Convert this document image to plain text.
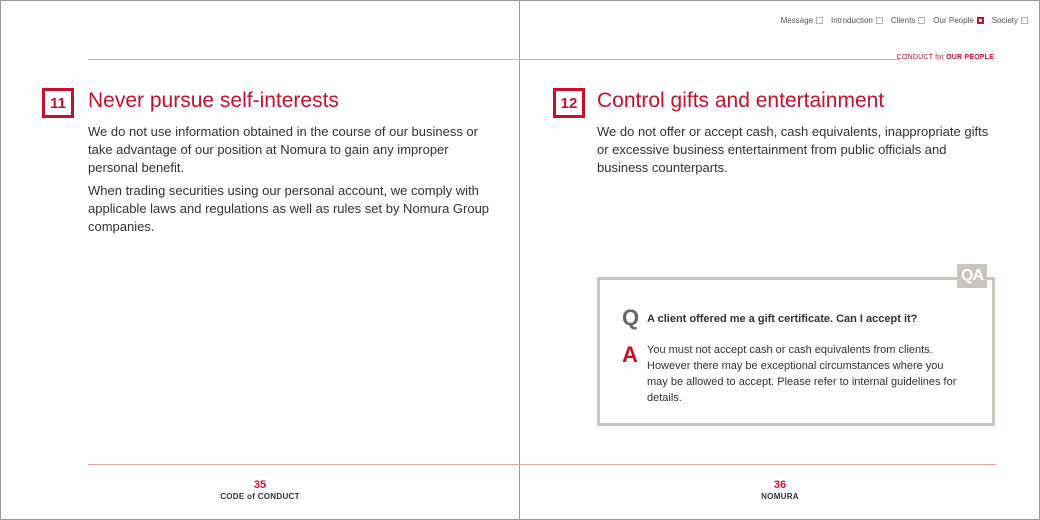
Message Introduction Clients Our People Society
CONDUCT for OUR PEOPLE
11	Never pursue self-interests
We do not use information obtained in the course of our business or take advantage of our position at Nomura to gain any improper personal benefit.
When trading securities using our personal account, we comply with applicable laws and regulations as well as rules set by Nomura Group companies.
12 Control gifts and entertainment
We do not offer or accept cash, cash equivalents, inappropriate gifts or excessive business entertainment from public officials and business counterparts.
QA
Q A client offered me a gift certificate. Can I accept it?
A You must not accept cash or cash equivalents from clients. However there may be exceptional circumstances where you may be allowed to accept. Please refer to internal guidelines for details.
35
CODE of CONDUCT
36
NOMURA
